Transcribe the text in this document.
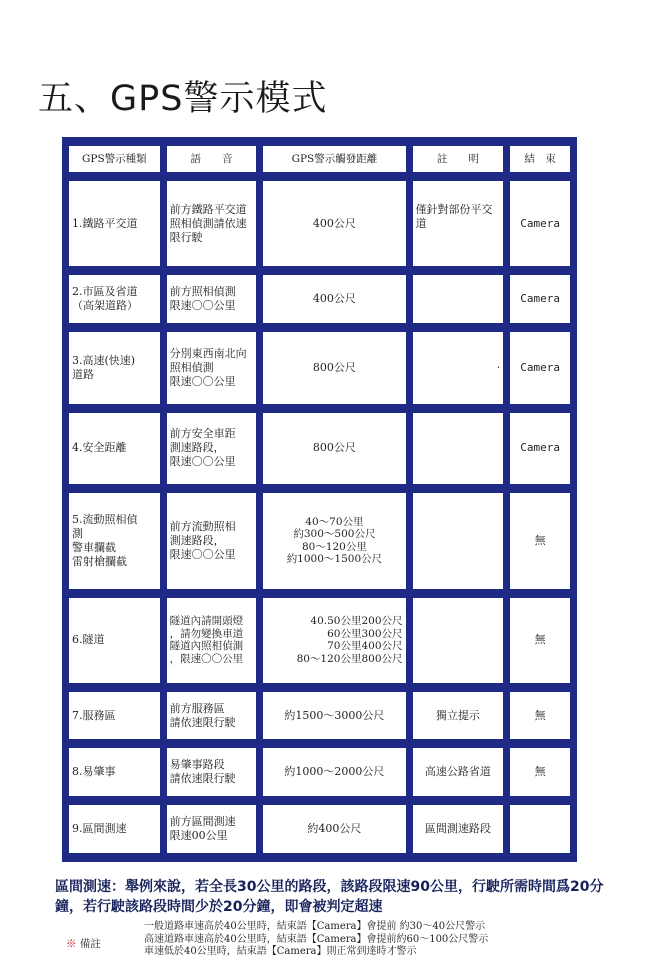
五、GPS警示模式
GPS警示種類	語　　音	GPS警示觸發距離	註　　明	結　束
1.鐵路平交道	前方鐵路平交道
照相偵測請依速
限行駛	400公尺	僅針對部份平交
道	Camera
2.市區及省道
（高架道路）	前方照相偵測
限速〇〇公里	400公尺		Camera
3.高速(快速)
道路	分別東西南北向
照相偵測
限速〇〇公里	800公尺	·	Camera
4.安全距離	前方安全車距
測速路段，
限速〇〇公里	800公尺		Camera
5.流動照相偵
測
警車攔截
雷射槍攔截	前方流動照相
測速路段，
限速〇〇公里	40～70公里
約300～500公尺
80～120公里
約1000～1500公尺		無
6.隧道	隧道內請開頭燈
，請勿變換車道
隧道內照相偵測
，限速〇〇公里	40.50公里200公尺
60公里300公尺
70公里400公尺
80～120公里800公尺		無
7.服務區	前方服務區
請依速限行駛	約1500～3000公尺	獨立提示	無
8.易肇事	易肇事路段
請依速限行駛	約1000～2000公尺	高速公路省道	無
9.區間測速	前方區間測速
限速00公里	約400公尺	區間測速路段	

區間測速：舉例來說，若全長30公里的路段，該路段限速90公里，行駛所需時間爲20分鐘，若行駛該路段時間少於20分鐘，即會被判定超速

※ 備註
一般道路車速高於40公里時，結束語【Camera】會提前 約30～40公尺警示
高速道路車速高於40公里時，結束語【Camera】會提前約60～100公尺警示
車速低於40公里時，結束語【Camera】則正常到達時才警示
